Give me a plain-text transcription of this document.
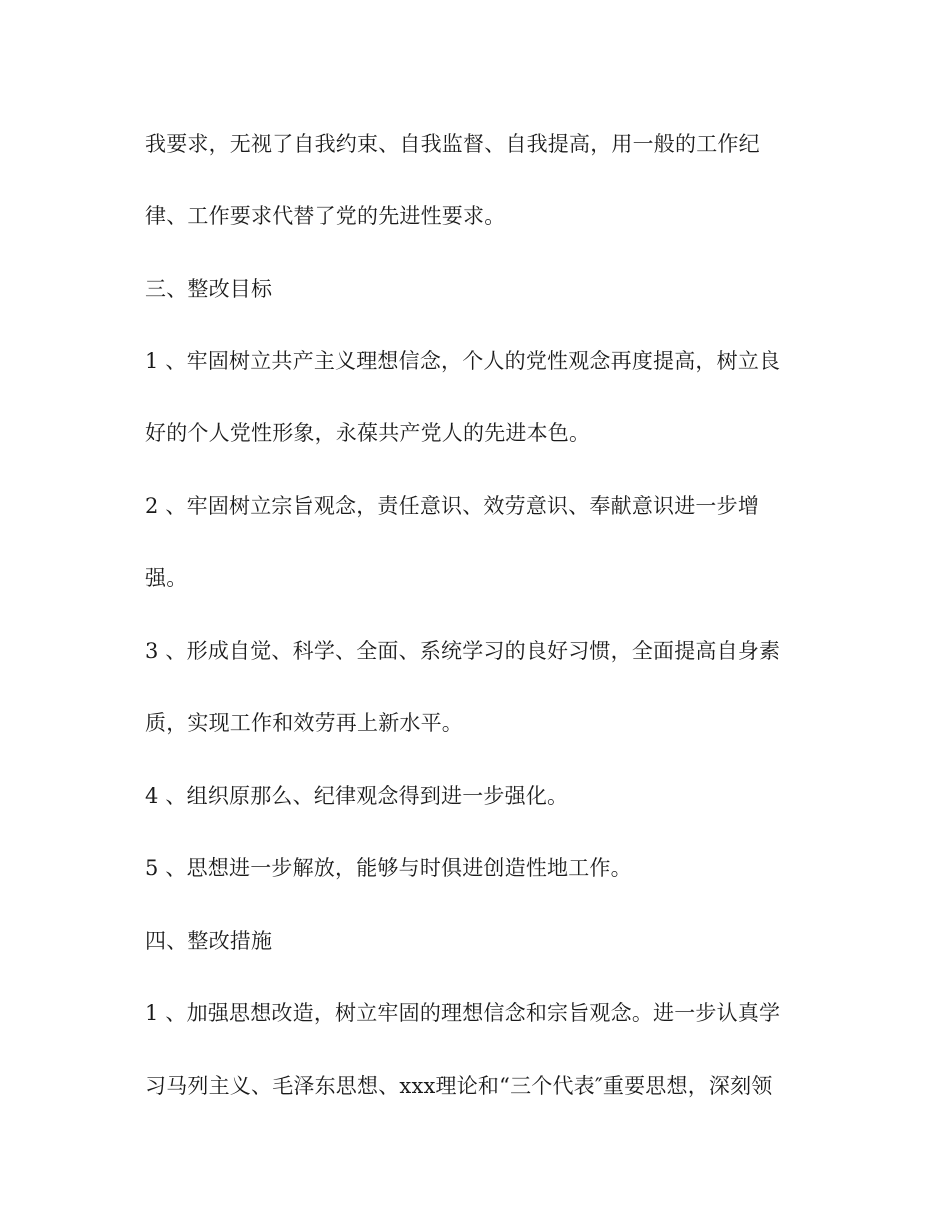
我要求，无视了自我约束、自我监督、自我提高，用一般的工作纪

律、工作要求代替了党的先进性要求。

三、整改目标

1 、牢固树立共产主义理想信念，个人的党性观念再度提高，树立良

好的个人党性形象，永葆共产党人的先进本色。

2 、牢固树立宗旨观念，责任意识、效劳意识、奉献意识进一步增

强。

3 、形成自觉、科学、全面、系统学习的良好习惯，全面提高自身素

质，实现工作和效劳再上新水平。

4 、组织原那么、纪律观念得到进一步强化。

5 、思想进一步解放，能够与时俱进创造性地工作。

四、整改措施

1 、加强思想改造，树立牢固的理想信念和宗旨观念。进一步认真学

习马列主义、毛泽东思想、xxx理论和“三个代表″重要思想，深刻领
